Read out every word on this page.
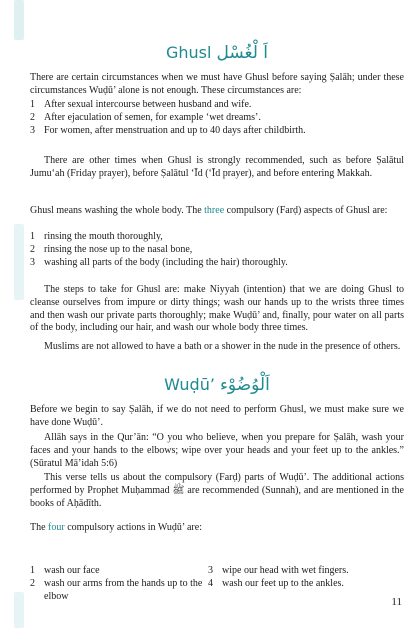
Ghusl اَ لْغُسْل

There are certain circumstances when we must have Ghusl before saying Ṣalāh; under these circumstances Wuḍū’ alone is not enough. These circumstances are:

1 After sexual intercourse between husband and wife.
2 After ejaculation of semen, for example ‘wet dreams’.
3 For women, after menstruation and up to 40 days after childbirth.

There are other times when Ghusl is strongly recommended, such as before Ṣalātul Jumu‘ah (Friday prayer), before Ṣalātul ‘Īd (‘Īd prayer), and before entering Makkah.

Ghusl means washing the whole body. The three compulsory (Farḍ) aspects of Ghusl are:

1 rinsing the mouth thoroughly,
2 rinsing the nose up to the nasal bone,
3 washing all parts of the body (including the hair) thoroughly.

The steps to take for Ghusl are: make Niyyah (intention) that we are doing Ghusl to cleanse ourselves from impure or dirty things; wash our hands up to the wrists three times and then wash our private parts thoroughly; make Wuḍū’ and, finally, pour water on all parts of the body, including our hair, and wash our whole body three times.

Muslims are not allowed to have a bath or a shower in the nude in the presence of others.

Wuḍū’ اَلْوُضُوْء

Before we begin to say Ṣalāh, if we do not need to perform Ghusl, we must make sure we have done Wuḍū’.

Allāh says in the Qur’ān: “O you who believe, when you prepare for Ṣalāh, wash your faces and your hands to the elbows; wipe over your heads and your feet up to the ankles.” (Sūratul Mā’idah 5:6)

This verse tells us about the compulsory (Farḍ) parts of Wuḍū’. The additional actions performed by Prophet Muḥammad ﷺ are recommended (Sunnah), and are mentioned in the books of Aḥādīth.

The four compulsory actions in Wuḍū’ are:

1 wash our face	3 wipe our head with wet fingers.
2 wash our arms from the hands up to the elbow
4 wash our feet up to the ankles.
11
